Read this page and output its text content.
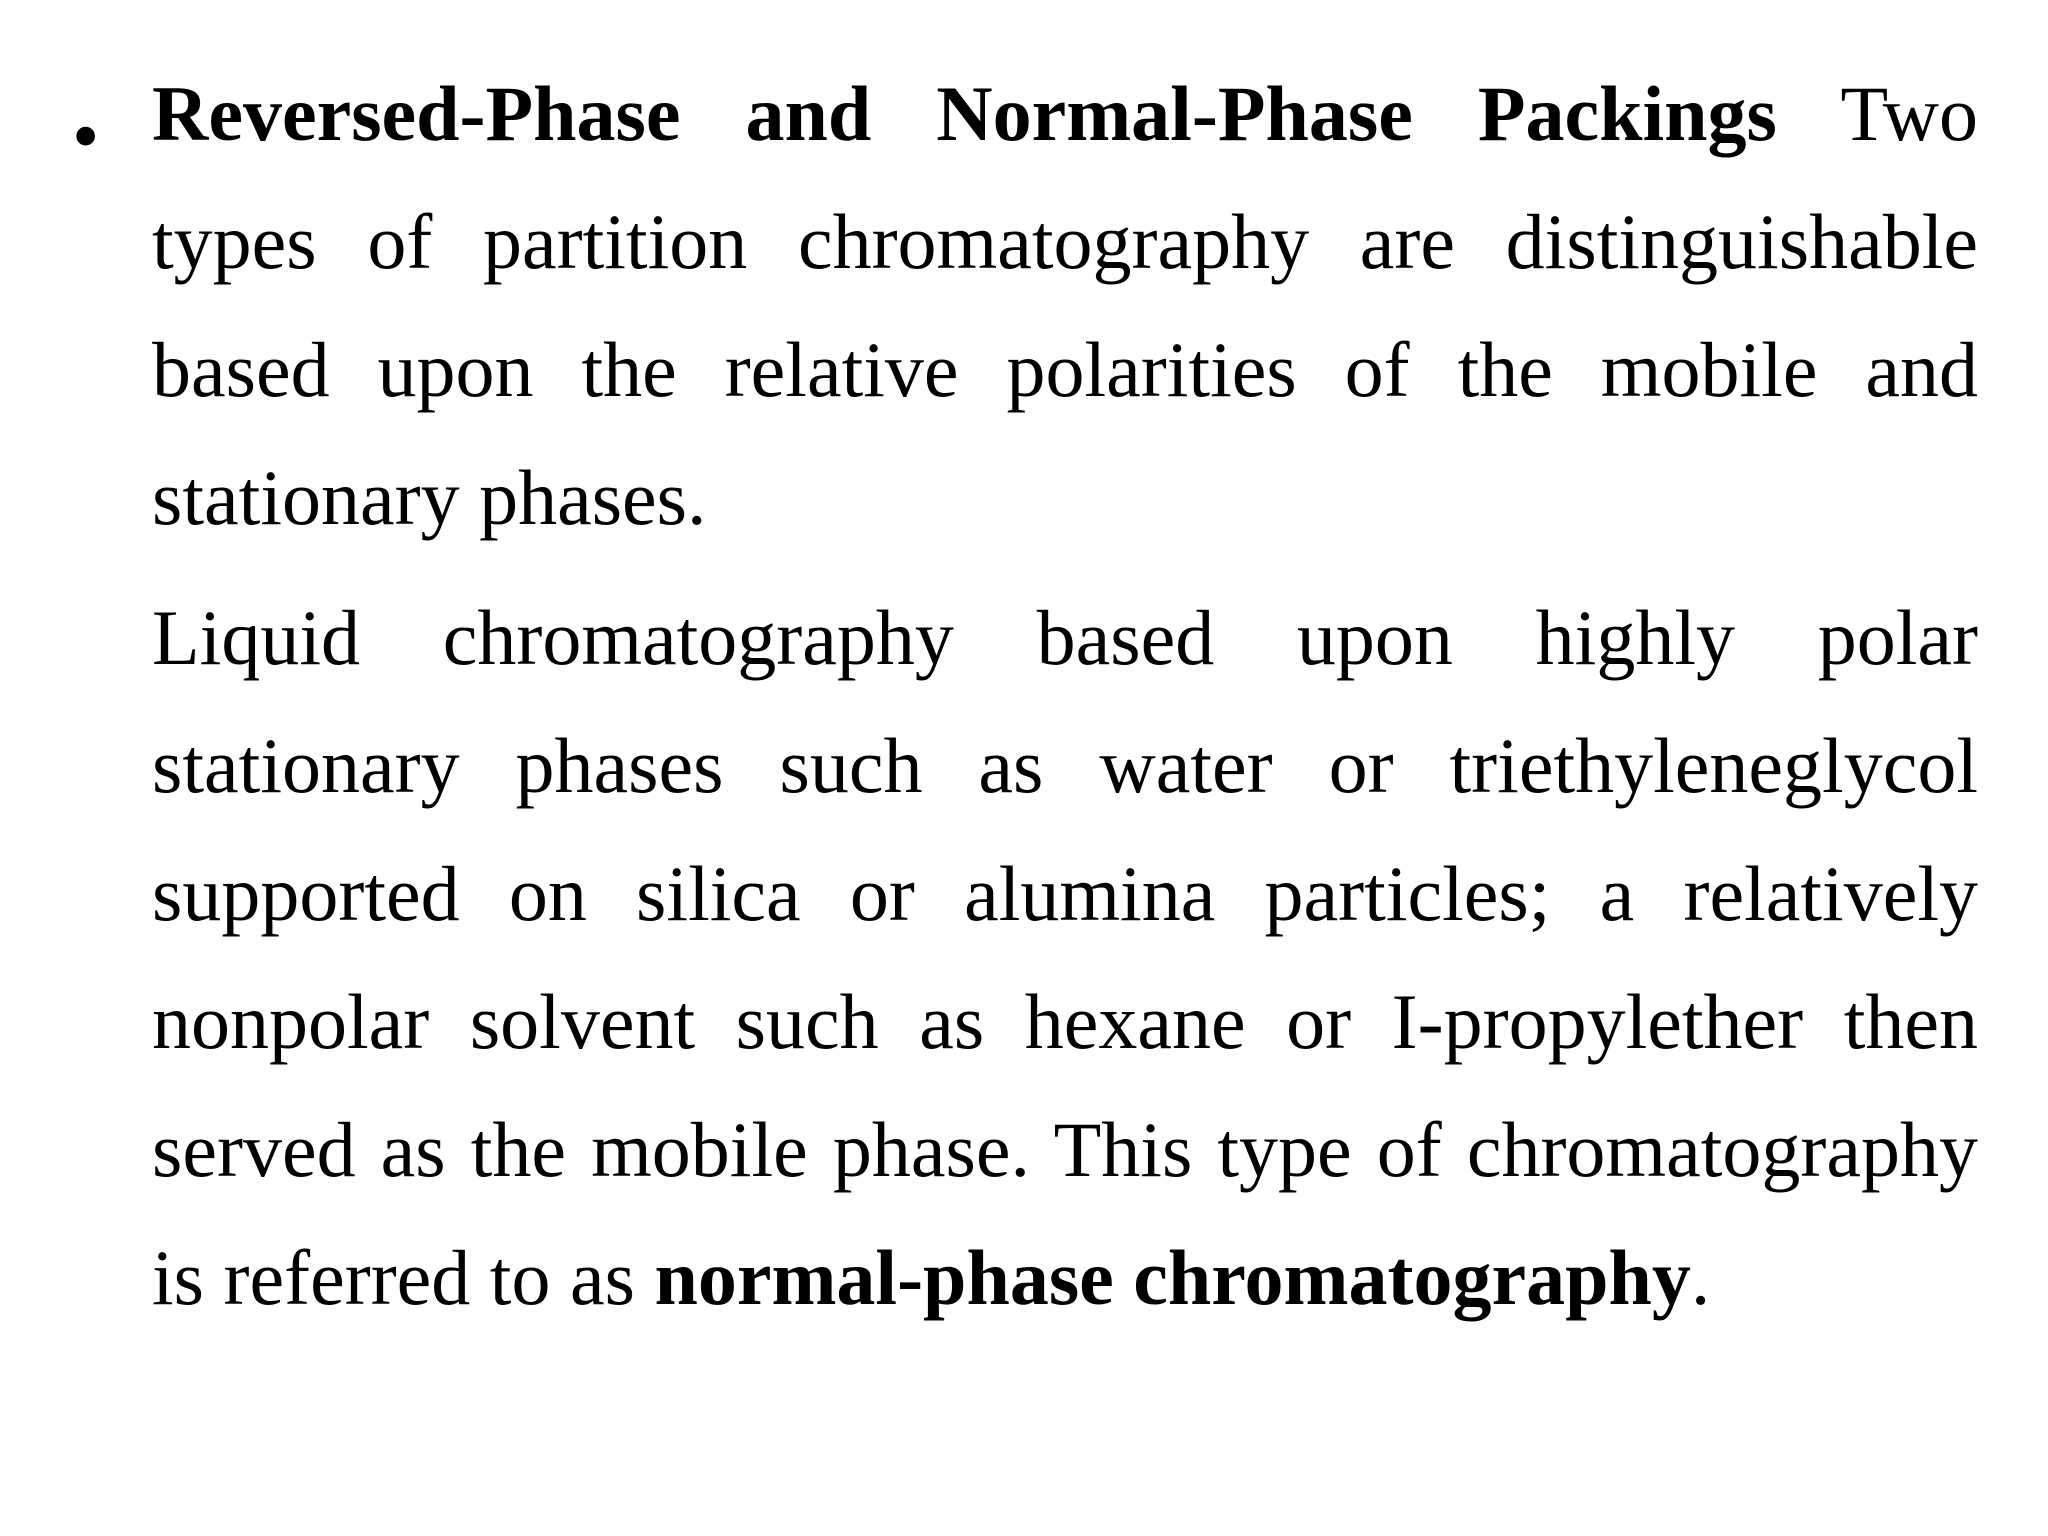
• Reversed-Phase and Normal-Phase Packings Two types of partition chromatography are distinguishable based upon the relative polarities of the mobile and stationary phases.

Liquid chromatography based upon highly polar stationary phases such as water or triethyleneglycol supported on silica or alumina particles; a relatively nonpolar solvent such as hexane or I-propylether then served as the mobile phase. This type of chromatography is referred to as normal-phase chromatography.
